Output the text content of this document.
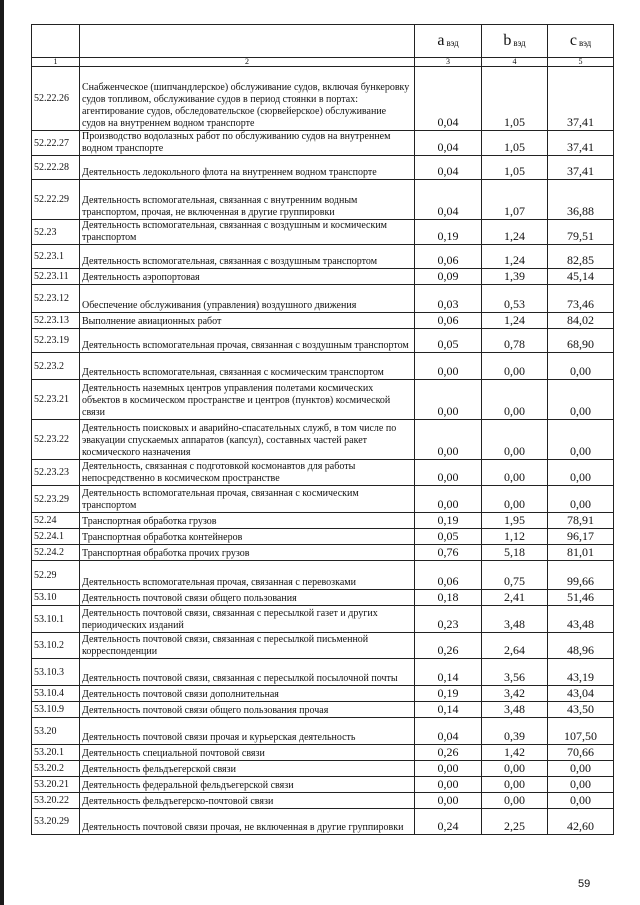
		a $_{вэд}$	b $_{вэд}$	c $_{вэд}$
1	2	3	4	5
52.22.26	Снабженческое (шипчандлерское) обслуживание судов, включая бункеровку судов топливом, обслуживание судов в период стоянки в портах: агентирование судов, обследовательское (сюрвейерское) обслуживание судов на внутреннем водном транспорте	0,04	1,05	37,41
52.22.27	Производство водолазных работ по обслуживанию судов на внутреннем водном транспорте	0,04	1,05	37,41
52.22.28	Деятельность ледокольного флота на внутреннем водном транспорте	0,04	1,05	37,41
52.22.29	Деятельность вспомогательная, связанная с внутренним водным транспортом, прочая, не включенная в другие группировки	0,04	1,07	36,88
52.23	Деятельность вспомогательная, связанная с воздушным и космическим транспортом	0,19	1,24	79,51
52.23.1	Деятельность вспомогательная, связанная с воздушным транспортом	0,06	1,24	82,85
52.23.11	Деятельность аэропортовая	0,09	1,39	45,14
52.23.12	Обеспечение обслуживания (управления) воздушного движения	0,03	0,53	73,46
52.23.13	Выполнение авиационных работ	0,06	1,24	84,02
52.23.19	Деятельность вспомогательная прочая, связанная с воздушным транспортом	0,05	0,78	68,90
52.23.2	Деятельность вспомогательная, связанная с космическим транспортом	0,00	0,00	0,00
52.23.21	Деятельность наземных центров управления полетами космических объектов в космическом пространстве и центров (пунктов) космической связи	0,00	0,00	0,00
52.23.22	Деятельность поисковых и аварийно-спасательных служб, в том числе по эвакуации спускаемых аппаратов (капсул), составных частей ракет космического назначения	0,00	0,00	0,00
52.23.23	Деятельность, связанная с подготовкой космонавтов для работы непосредственно в космическом пространстве	0,00	0,00	0,00
52.23.29	Деятельность вспомогательная прочая, связанная с космическим транспортом	0,00	0,00	0,00
52.24	Транспортная обработка грузов	0,19	1,95	78,91
52.24.1	Транспортная обработка контейнеров	0,05	1,12	96,17
52.24.2	Транспортная обработка прочих грузов	0,76	5,18	81,01
52.29	Деятельность вспомогательная прочая, связанная с перевозками	0,06	0,75	99,66
53.10	Деятельность почтовой связи общего пользования	0,18	2,41	51,46
53.10.1	Деятельность почтовой связи, связанная с пересылкой газет и других периодических изданий	0,23	3,48	43,48
53.10.2	Деятельность почтовой связи, связанная с пересылкой письменной корреспонденции	0,26	2,64	48,96
53.10.3	Деятельность почтовой связи, связанная с пересылкой посылочной почты	0,14	3,56	43,19
53.10.4	Деятельность почтовой связи дополнительная	0,19	3,42	43,04
53.10.9	Деятельность почтовой связи общего пользования прочая	0,14	3,48	43,50
53.20	Деятельность почтовой связи прочая и курьерская деятельность	0,04	0,39	107,50
53.20.1	Деятельность специальной почтовой связи	0,26	1,42	70,66
53.20.2	Деятельность фельдъегерской связи	0,00	0,00	0,00
53.20.21	Деятельность федеральной фельдъегерской связи	0,00	0,00	0,00
53.20.22	Деятельность фельдъегерско-почтовой связи	0,00	0,00	0,00
53.20.29	Деятельность почтовой связи прочая, не включенная в другие группировки	0,24	2,25	42,60
59
